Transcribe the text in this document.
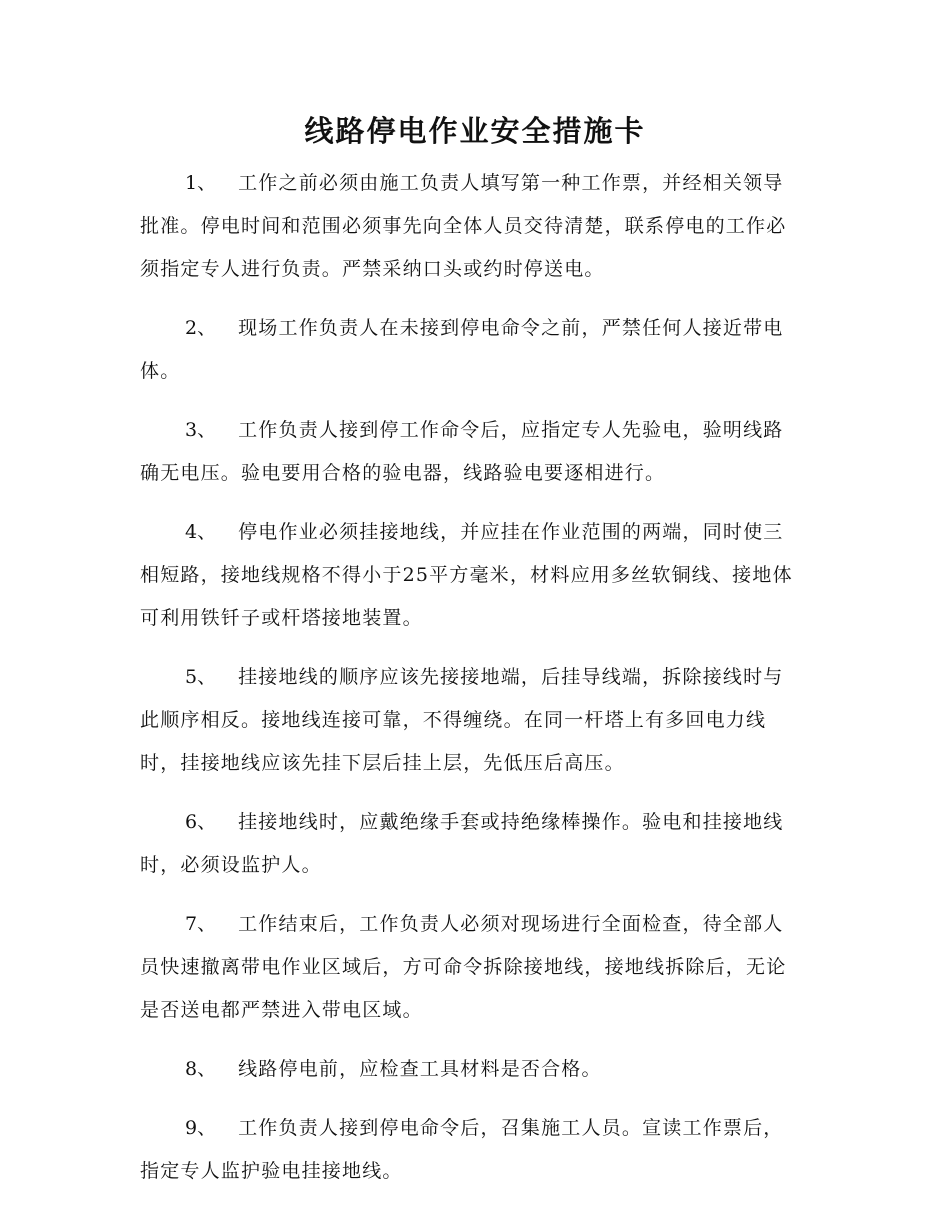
线路停电作业安全措施卡

1、 工作之前必须由施工负责人填写第一种工作票，并经相关领导批准。停电时间和范围必须事先向全体人员交待清楚，联系停电的工作必须指定专人进行负责。严禁采纳口头或约时停送电。

2、 现场工作负责人在未接到停电命令之前，严禁任何人接近带电体。

3、 工作负责人接到停工作命令后，应指定专人先验电，验明线路确无电压。验电要用合格的验电器，线路验电要逐相进行。

4、 停电作业必须挂接地线，并应挂在作业范围的两端，同时使三相短路，接地线规格不得小于25平方毫米，材料应用多丝软铜线、接地体可利用铁钎子或杆塔接地装置。

5、 挂接地线的顺序应该先接接地端，后挂导线端，拆除接线时与此顺序相反。接地线连接可靠，不得缠绕。在同一杆塔上有多回电力线时，挂接地线应该先挂下层后挂上层，先低压后高压。

6、 挂接地线时，应戴绝缘手套或持绝缘棒操作。验电和挂接地线时，必须设监护人。

7、 工作结束后，工作负责人必须对现场进行全面检查，待全部人员快速撤离带电作业区域后，方可命令拆除接地线，接地线拆除后，无论是否送电都严禁进入带电区域。

8、 线路停电前，应检查工具材料是否合格。

9、 工作负责人接到停电命令后，召集施工人员。宣读工作票后，指定专人监护验电挂接地线。
